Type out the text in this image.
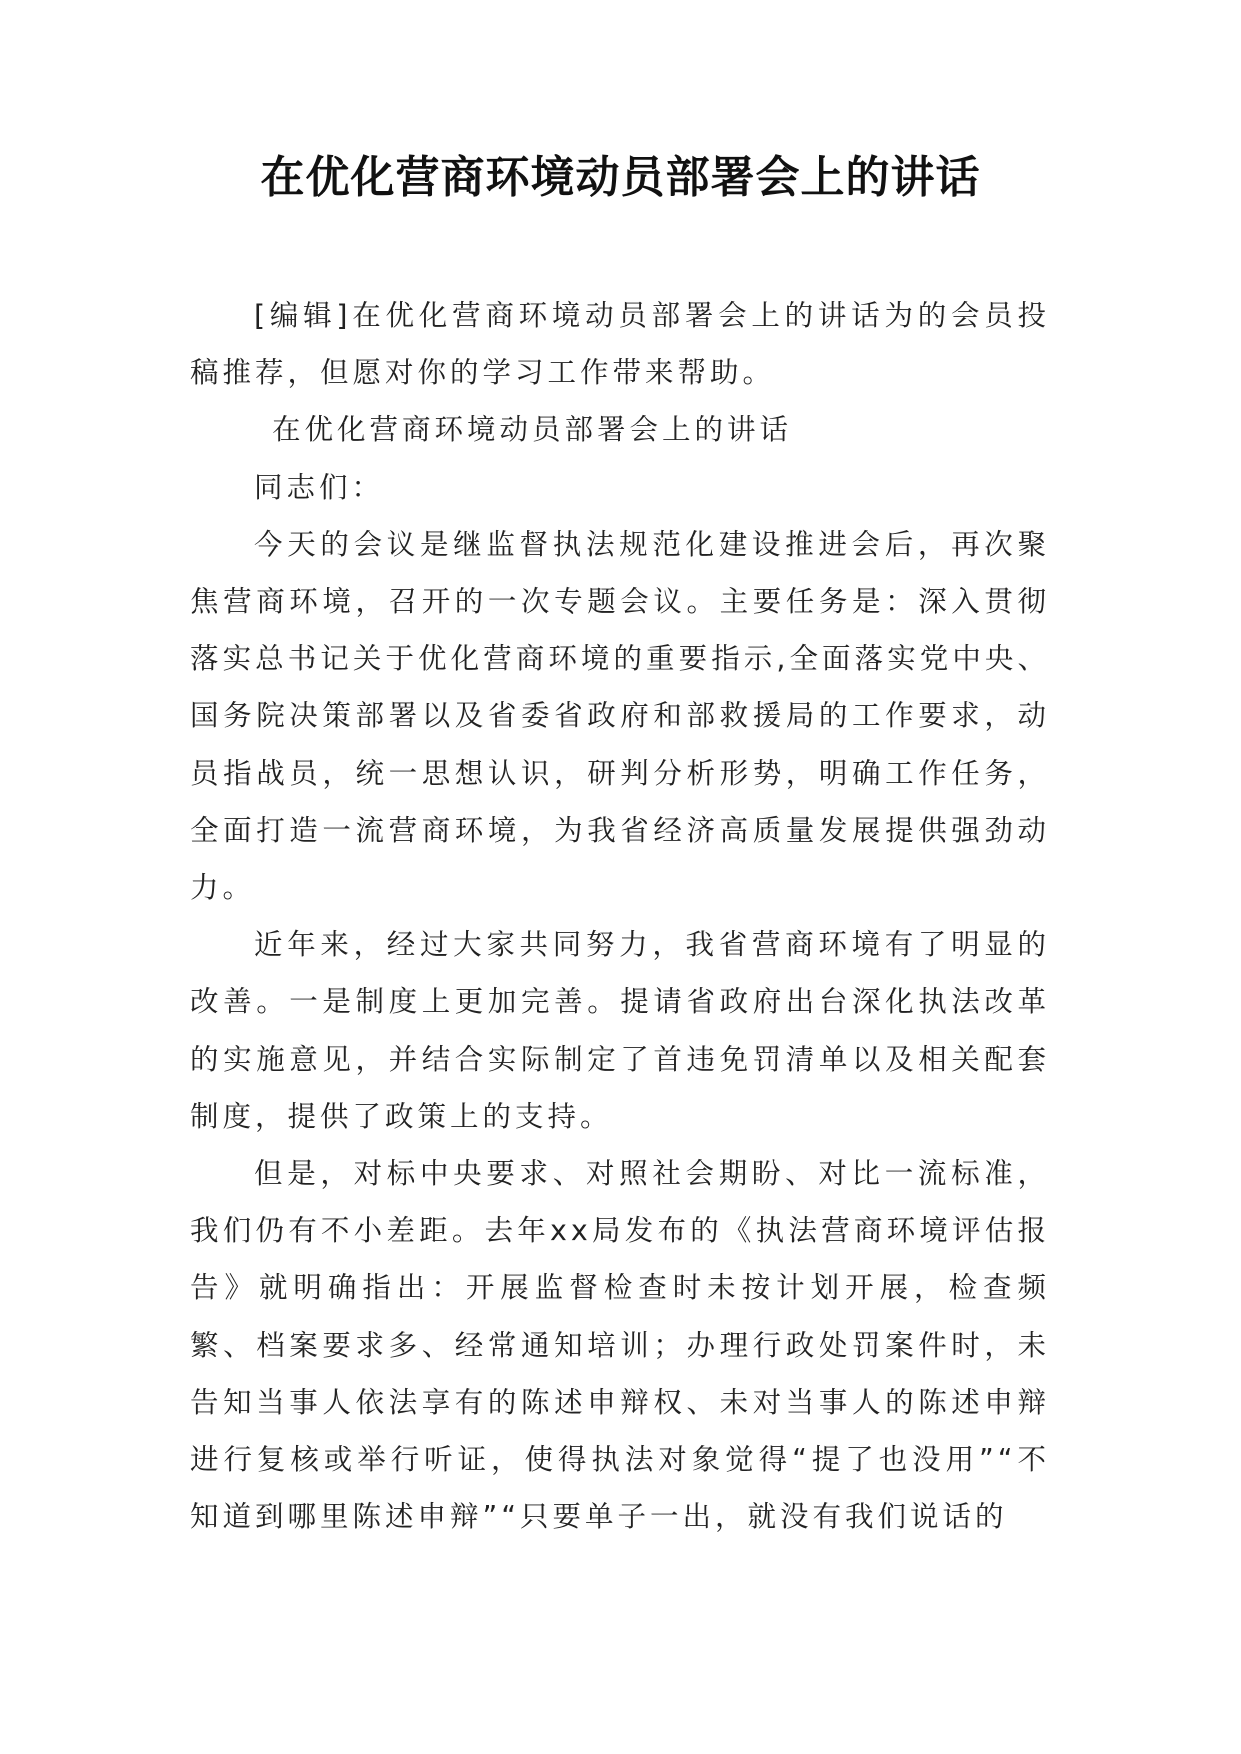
在优化营商环境动员部署会上的讲话

[编辑]在优化营商环境动员部署会上的讲话为的会员投稿推荐，但愿对你的学习工作带来帮助。

在优化营商环境动员部署会上的讲话

同志们：

今天的会议是继监督执法规范化建设推进会后，再次聚焦营商环境，召开的一次专题会议。主要任务是：深入贯彻落实总书记关于优化营商环境的重要指示,全面落实党中央、国务院决策部署以及省委省政府和部救援局的工作要求，动员指战员，统一思想认识，研判分析形势，明确工作任务，全面打造一流营商环境，为我省经济高质量发展提供强劲动力。

近年来，经过大家共同努力，我省营商环境有了明显的改善。一是制度上更加完善。提请省政府出台深化执法改革的实施意见，并结合实际制定了首违免罚清单以及相关配套制度，提供了政策上的支持。

但是，对标中央要求、对照社会期盼、对比一流标准，我们仍有不小差距。去年xx局发布的《执法营商环境评估报告》就明确指出：开展监督检查时未按计划开展，检查频繁、档案要求多、经常通知培训；办理行政处罚案件时，未告知当事人依法享有的陈述申辩权、未对当事人的陈述申辩进行复核或举行听证，使得执法对象觉得“提了也没用”“不知道到哪里陈述申辩”“只要单子一出，就没有我们说话的
